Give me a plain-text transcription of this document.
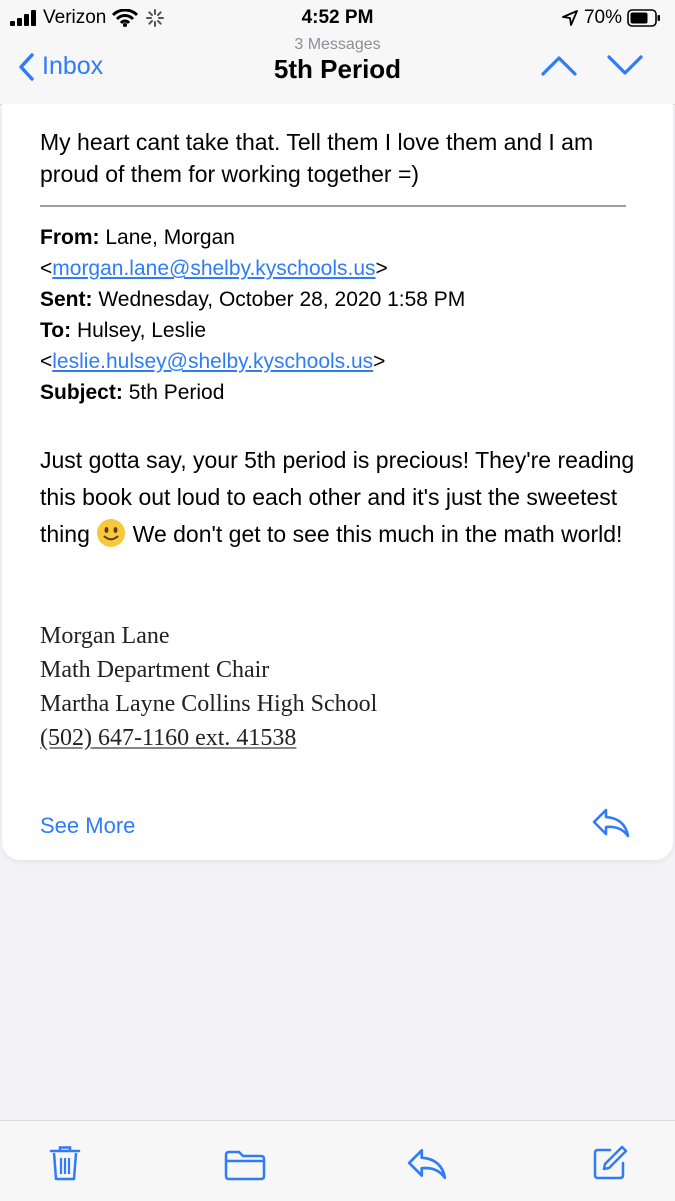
Verizon	4:52 PM	70%
Inbox
3 Messages
5th Period
My heart cant take that. Tell them I love them and I am proud of them for working together =)
From: Lane, Morgan
<morgan.lane@shelby.kyschools.us>
Sent: Wednesday, October 28, 2020 1:58 PM
To: Hulsey, Leslie
<leslie.hulsey@shelby.kyschools.us>
Subject: 5th Period
Just gotta say, your 5th period is precious! They're reading this book out loud to each other and it's just the sweetest thing We don't get to see this much in the math world!
Morgan Lane
Math Department Chair
Martha Layne Collins High School
(502) 647-1160 ext. 41538
See More
